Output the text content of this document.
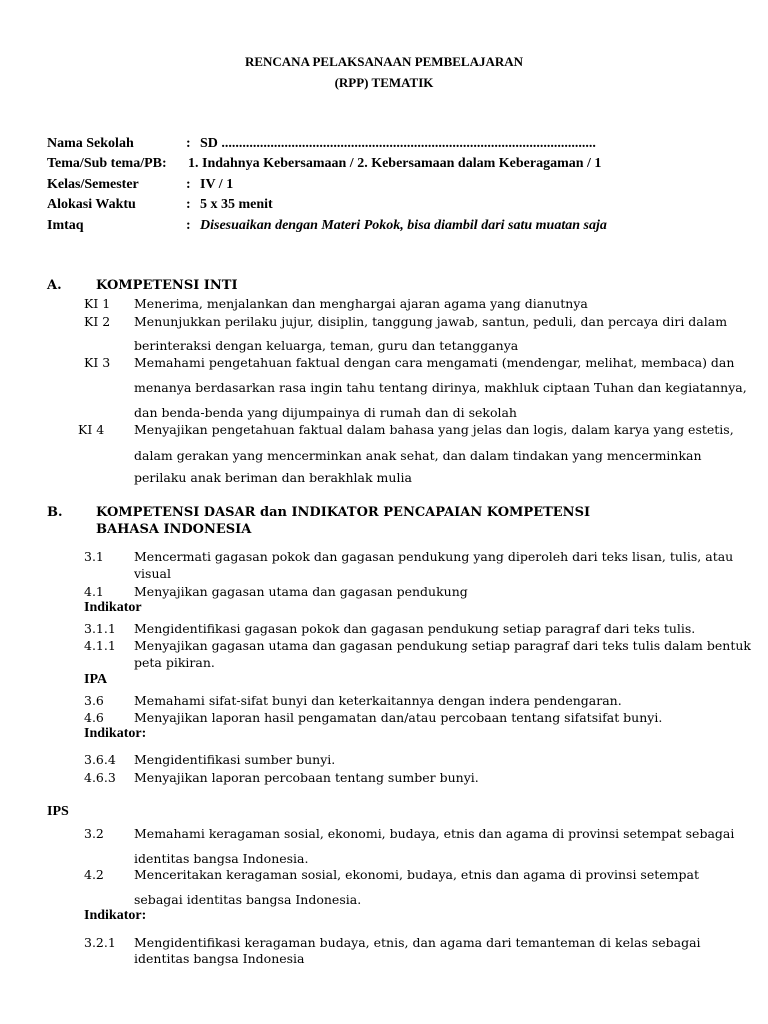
RENCANA PELAKSANAAN PEMBELAJARAN
(RPP) TEMATIK
Nama Sekolah	: SD ...........................................................................................................
Tema/Sub tema/PB: 1. Indahnya Kebersamaan / 2. Kebersamaan dalam Keberagaman / 1
Kelas/Semester	: IV / 1
Alokasi Waktu	: 5 x 35 menit
Imtaq	: Disesuaikan dengan Materi Pokok, bisa diambil dari satu muatan saja
A.	KOMPETENSI INTI
KI 1 Menerima, menjalankan dan menghargai ajaran agama yang dianutnya
KI 2 Menunjukkan perilaku jujur, disiplin, tanggung jawab, santun, peduli, dan percaya diri dalam
berinteraksi dengan keluarga, teman, guru dan tetangganya
KI 3 Memahami pengetahuan faktual dengan cara mengamati (mendengar, melihat, membaca) dan
menanya berdasarkan rasa ingin tahu tentang dirinya, makhluk ciptaan Tuhan dan kegiatannya,
dan benda-benda yang dijumpainya di rumah dan di sekolah
KI 4 Menyajikan pengetahuan faktual dalam bahasa yang jelas dan logis, dalam karya yang estetis,
dalam gerakan yang mencerminkan anak sehat, dan dalam tindakan yang mencerminkan
perilaku anak beriman dan berakhlak mulia
B.	KOMPETENSI DASAR dan INDIKATOR PENCAPAIAN KOMPETENSI
BAHASA INDONESIA
3.1 Mencermati gagasan pokok dan gagasan pendukung yang diperoleh dari teks lisan, tulis, atau
visual
4.1 Menyajikan gagasan utama dan gagasan pendukung
Indikator
3.1.1 Mengidentifikasi gagasan pokok dan gagasan pendukung setiap paragraf dari teks tulis.
4.1.1 Menyajikan gagasan utama dan gagasan pendukung setiap paragraf dari teks tulis dalam bentuk
peta pikiran.
IPA
3.6 Memahami sifat-sifat bunyi dan keterkaitannya dengan indera pendengaran.
4.6 Menyajikan laporan hasil pengamatan dan/atau percobaan tentang sifatsifat bunyi.
Indikator:
3.6.4 Mengidentifikasi sumber bunyi.
4.6.3 Menyajikan laporan percobaan tentang sumber bunyi.
IPS
3.2 Memahami keragaman sosial, ekonomi, budaya, etnis dan agama di provinsi setempat sebagai
identitas bangsa Indonesia.
4.2 Menceritakan keragaman sosial, ekonomi, budaya, etnis dan agama di provinsi setempat
sebagai identitas bangsa Indonesia.
Indikator:
3.2.1 Mengidentifikasi keragaman budaya, etnis, dan agama dari temanteman di kelas sebagai
identitas bangsa Indonesia
